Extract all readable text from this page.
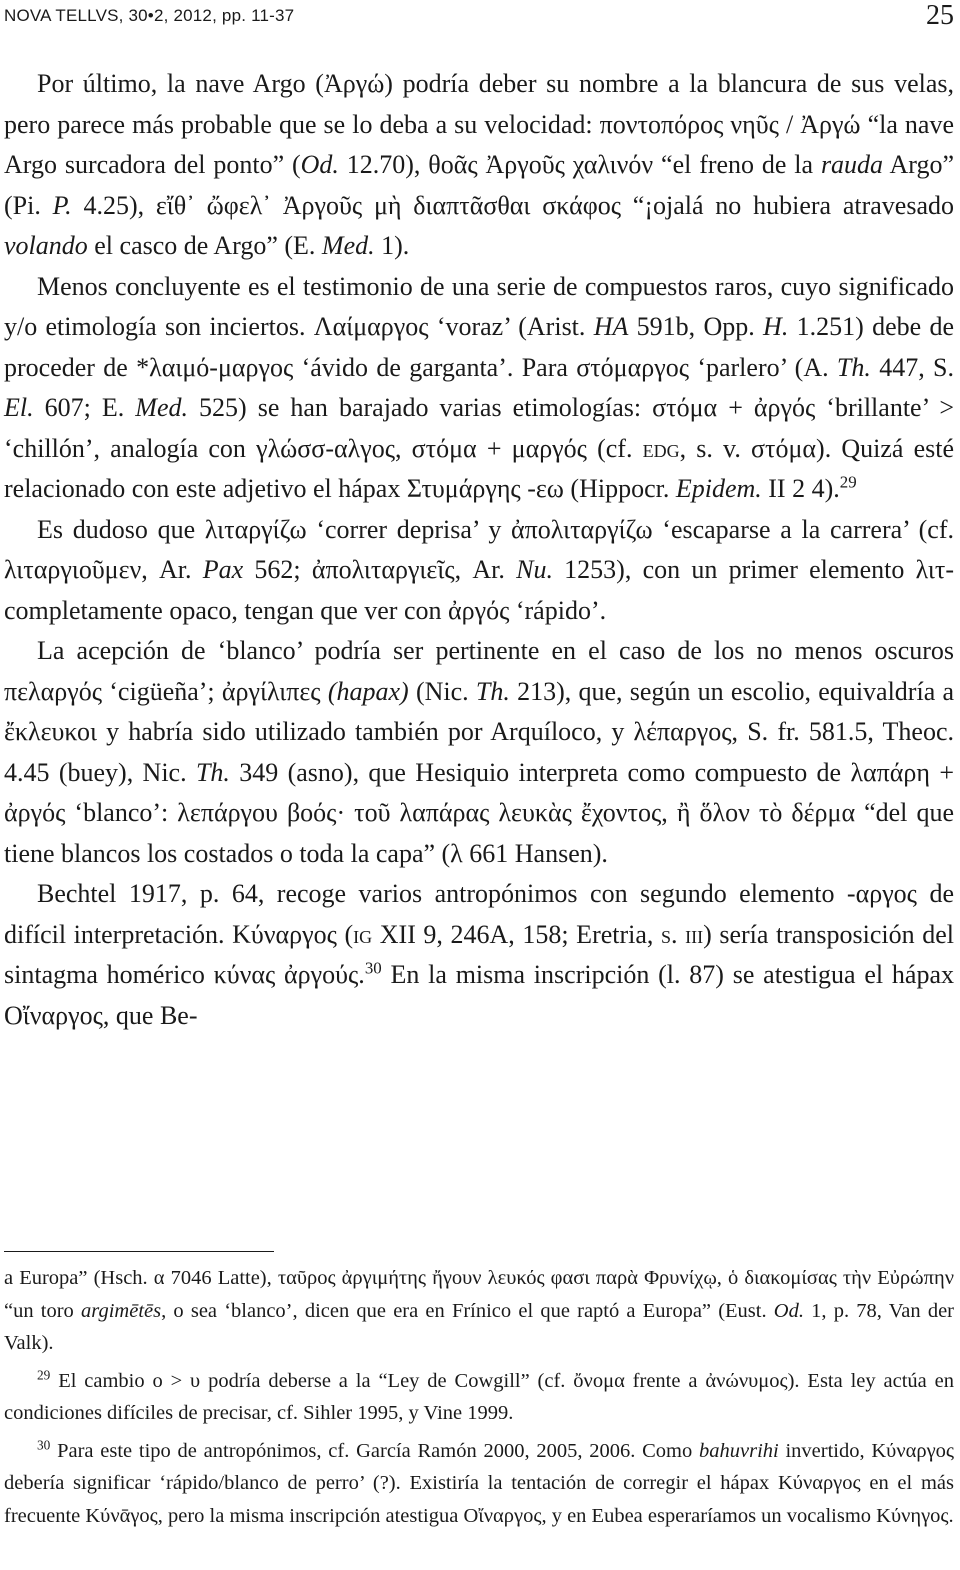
NOVA TELLVS, 30•2, 2012, pp. 11-37	25

Por último, la nave Argo (Ἀργώ) podría deber su nombre a la blancura de sus velas, pero parece más probable que se lo deba a su velocidad: ποντοπόρος νηῦς / Ἀργώ “la nave Argo surcadora del ponto” (Od. 12.70), θοᾶς Ἀργοῦς χαλινόν “el freno de la rauda Argo” (Pi. P. 4.25), εἴθ᾽ ὤφελ᾽ Ἀργοῦς μὴ διαπτᾶσθαι σκάφος “¡ojalá no hubiera atravesado volando el casco de Argo” (E. Med. 1).

Menos concluyente es el testimonio de una serie de compuestos raros, cuyo significado y/o etimología son inciertos. Λαίμαργος ‘voraz’ (Arist. HA 591b, Opp. H. 1.251) debe de proceder de *λαιμό-μαργος ‘ávido de garganta’. Para στόμαργος ‘parlero’ (A. Th. 447, S. El. 607; E. Med. 525) se han barajado varias etimologías: στόμα + ἀργός ‘brillante’ > ‘chillón’, analogía con γλώσσ-αλγος, στόμα + μαργός (cf. edg, s. v. στόμα). Quizá esté relacionado con este adjetivo el hápax Στυμάργης -εω (Hippocr. Epidem. II 2 4).$^{29}$

Es dudoso que λιταργίζω ‘correr deprisa’ y ἀπολιταργίζω ‘escaparse a la carrera’ (cf. λιταργιοῦμεν, Ar. Pax 562; ἀπολιταργιεῖς, Ar. Nu. 1253), con un primer elemento λιτ- completamente opaco, tengan que ver con ἀργός ‘rápido’.

La acepción de ‘blanco’ podría ser pertinente en el caso de los no menos oscuros πελαργός ‘cigüeña’; ἀργίλιπες (hapax) (Nic. Th. 213), que, según un escolio, equivaldría a ἔκλευκοι y habría sido utilizado también por Arquíloco, y λέπαργος, S. fr. 581.5, Theoc. 4.45 (buey), Nic. Th. 349 (asno), que Hesiquio interpreta como compuesto de λαπάρη + ἀργός ‘blanco’: λεπάργου βοός· τοῦ λαπάρας λευκὰς ἔχοντος, ἢ ὅλον τὸ δέρμα “del que tiene blancos los costados o toda la capa” (λ 661 Hansen).

Bechtel 1917, p. 64, recoge varios antropónimos con segundo elemento -αργος de difícil interpretación. Κύναργος (ig XII 9, 246A, 158; Eretria, s. iii) sería transposición del sintagma homérico κύνας ἀργούς.$^{30}$ En la misma inscripción (l. 87) se atestigua el hápax Οἴναργος, que Be-

a Europa” (Hsch. α 7046 Latte), ταῦρος ἀργιμήτης ἤγουν λευκός φασι παρὰ Φρυνίχῳ, ὁ διακομίσας τὴν Εὐρώπην “un toro argimētēs, o sea ‘blanco’, dicen que era en Frínico el que raptó a Europa” (Eust. Od. 1, p. 78, Van der Valk).

$^{29}$ El cambio ο > υ podría deberse a la “Ley de Cowgill” (cf. ὄνομα frente a ἀνώνυμος). Esta ley actúa en condiciones difíciles de precisar, cf. Sihler 1995, y Vine 1999.

$^{30}$ Para este tipo de antropónimos, cf. García Ramón 2000, 2005, 2006. Como bahuvrihi invertido, Κύναργος debería significar ‘rápido/blanco de perro’ (?). Existiría la tentación de corregir el hápax Κύναργος en el más frecuente Κύνᾱγος, pero la misma inscripción atestigua Οἴναργος, y en Eubea esperaríamos un vocalismo Κύνηγος.
